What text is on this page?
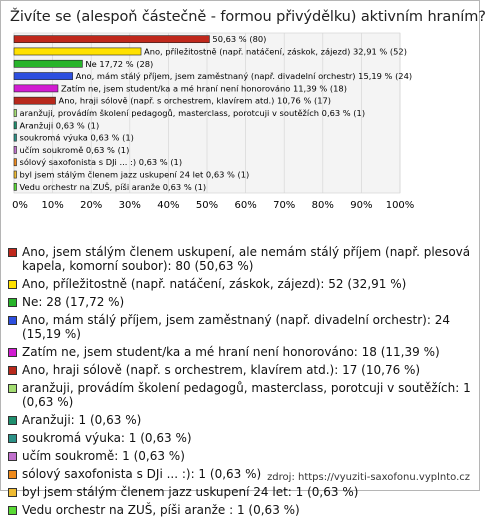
Živíte se (alespoň částečně - formou přivýdělku) aktivním hraním?
0% 10% 20% 30% 40% 50% 60% 70% 80% 90% 100%
50,63 % (80)
Ano, příležitostně (např. natáčení, záskok, zájezd) 32,91 % (52)
Ne 17,72 % (28)
Ano, mám stálý příjem, jsem zaměstnaný (např. divadelní orchestr) 15,19 % (24)
Zatím ne, jsem student/ka a mé hraní není honorováno 11,39 % (18)
Ano, hraji sólově (např. s orchestrem, klavírem atd.) 10,76 % (17)
aranžuji, provádím školení pedagogů, masterclass, porotcuji v soutěžích 0,63 % (1)
Aranžuji 0,63 % (1)
soukromá výuka 0,63 % (1)
učím soukromě 0,63 % (1)
sólový saxofonista s DJi ... :) 0,63 % (1)
byl jsem stálým členem jazz uskupení 24 let 0,63 % (1)
Vedu orchestr na ZUŠ, píši aranže 0,63 % (1)
Ano, jsem stálým členem uskupení, ale nemám stálý příjem (např. plesová kapela, komorní soubor): 80 (50,63 %)
Ano, příležitostně (např. natáčení, záskok, zájezd): 52 (32,91 %)
Ne: 28 (17,72 %)
Ano, mám stálý příjem, jsem zaměstnaný (např. divadelní orchestr): 24 (15,19 %)
Zatím ne, jsem student/ka a mé hraní není honorováno: 18 (11,39 %)
Ano, hraji sólově (např. s orchestrem, klavírem atd.): 17 (10,76 %)
aranžuji, provádím školení pedagogů, masterclass, porotcuji v soutěžích: 1 (0,63 %)
Aranžuji: 1 (0,63 %)
soukromá výuka: 1 (0,63 %)
učím soukromě: 1 (0,63 %)
sólový saxofonista s DJi ... :): 1 (0,63 %)
byl jsem stálým členem jazz uskupení 24 let: 1 (0,63 %)
Vedu orchestr na ZUŠ, píši aranže : 1 (0,63 %)
zdroj: https://vyuziti-saxofonu.vyplnto.cz
